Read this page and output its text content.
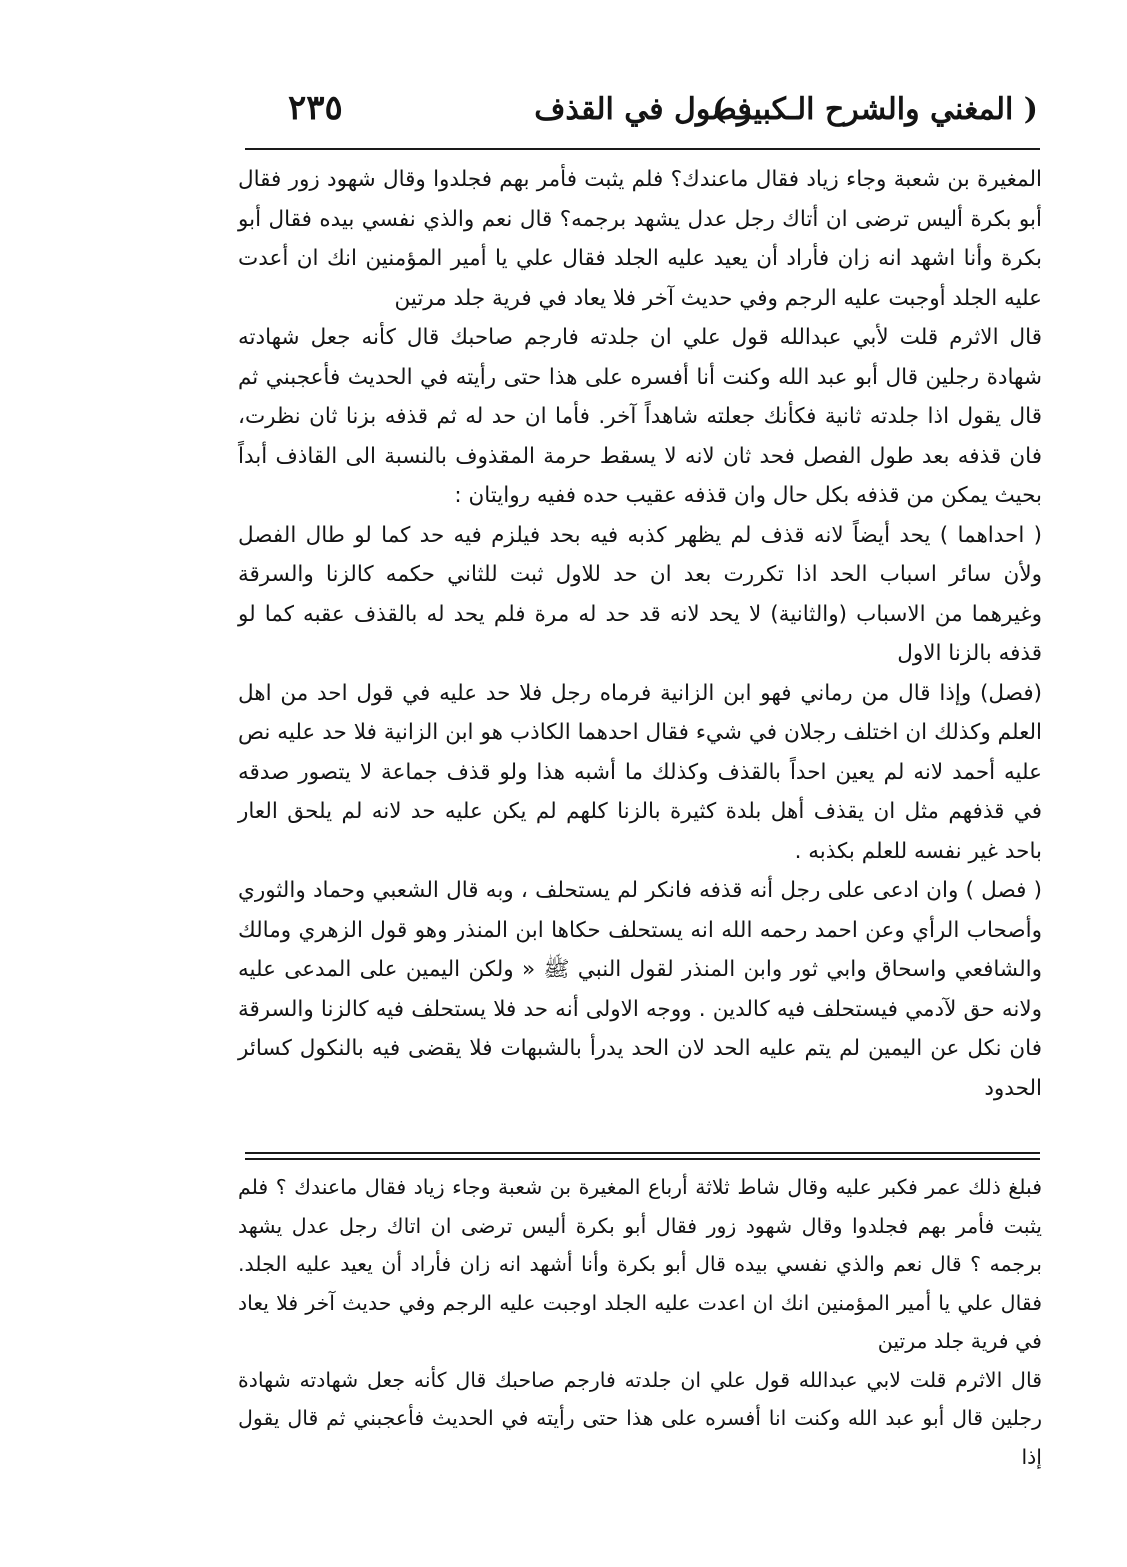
( المغني والشرح الـكبير )
فصول في القذف
٢٣٥

المغيرة بن شعبة وجاء زياد فقال ماعندك؟ فلم يثبت فأمر بهم فجلدوا وقال شهود زور فقال أبو بكرة أليس ترضى ان أتاك رجل عدل يشهد برجمه؟ قال نعم والذي نفسي بيده فقال أبو بكرة وأنا اشهد انه زان فأراد أن يعيد عليه الجلد فقال علي يا أمير المؤمنين انك ان أعدت عليه الجلد أوجبت عليه الرجم وفي حديث آخر فلا يعاد في فرية جلد مرتين

قال الاثرم قلت لأبي عبدالله قول علي ان جلدته فارجم صاحبك قال كأنه جعل شهادته شهادة رجلين قال أبو عبد الله وكنت أنا أفسره على هذا حتى رأيته في الحديث فأعجبني ثم قال يقول اذا جلدته ثانية فكأنك جعلته شاهداً آخر. فأما ان حد له ثم قذفه بزنا ثان نظرت، فان قذفه بعد طول الفصل فحد ثان لانه لا يسقط حرمة المقذوف بالنسبة الى القاذف أبداً بحيث يمكن من قذفه بكل حال وان قذفه عقيب حده ففيه روايتان :

( احداهما ) يحد أيضاً لانه قذف لم يظهر كذبه فيه بحد فيلزم فيه حد كما لو طال الفصل ولأن سائر اسباب الحد اذا تكررت بعد ان حد للاول ثبت للثاني حكمه كالزنا والسرقة وغيرهما من الاسباب (والثانية) لا يحد لانه قد حد له مرة فلم يحد له بالقذف عقبه كما لو قذفه بالزنا الاول

(فصل) وإذا قال من رماني فهو ابن الزانية فرماه رجل فلا حد عليه في قول احد من اهل العلم وكذلك ان اختلف رجلان في شيء فقال احدهما الكاذب هو ابن الزانية فلا حد عليه نص عليه أحمد لانه لم يعين احداً بالقذف وكذلك ما أشبه هذا ولو قذف جماعة لا يتصور صدقه في قذفهم مثل ان يقذف أهل بلدة كثيرة بالزنا كلهم لم يكن عليه حد لانه لم يلحق العار باحد غير نفسه للعلم بكذبه .

( فصل ) وان ادعى على رجل أنه قذفه فانكر لم يستحلف ، وبه قال الشعبي وحماد والثوري وأصحاب الرأي وعن احمد رحمه الله انه يستحلف حكاها ابن المنذر وهو قول الزهري ومالك والشافعي واسحاق وابي ثور وابن المنذر لقول النبي ﷺ « ولكن اليمين على المدعى عليه ولانه حق لآدمي فيستحلف فيه كالدين . ووجه الاولى أنه حد فلا يستحلف فيه كالزنا والسرقة فان نكل عن اليمين لم يتم عليه الحد لان الحد يدرأ بالشبهات فلا يقضى فيه بالنكول كسائر الحدود

فبلغ ذلك عمر فكبر عليه وقال شاط ثلاثة أرباع المغيرة بن شعبة وجاء زياد فقال ماعندك ؟ فلم يثبت فأمر بهم فجلدوا وقال شهود زور فقال أبو بكرة أليس ترضى ان اتاك رجل عدل يشهد برجمه ؟ قال نعم والذي نفسي بيده قال أبو بكرة وأنا أشهد انه زان فأراد أن يعيد عليه الجلد. فقال علي يا أمير المؤمنين انك ان اعدت عليه الجلد اوجبت عليه الرجم وفي حديث آخر فلا يعاد في فرية جلد مرتين

قال الاثرم قلت لابي عبدالله قول علي ان جلدته فارجم صاحبك قال كأنه جعل شهادته شهادة رجلين قال أبو عبد الله وكنت انا أفسره على هذا حتى رأيته في الحديث فأعجبني ثم قال يقول إذا
